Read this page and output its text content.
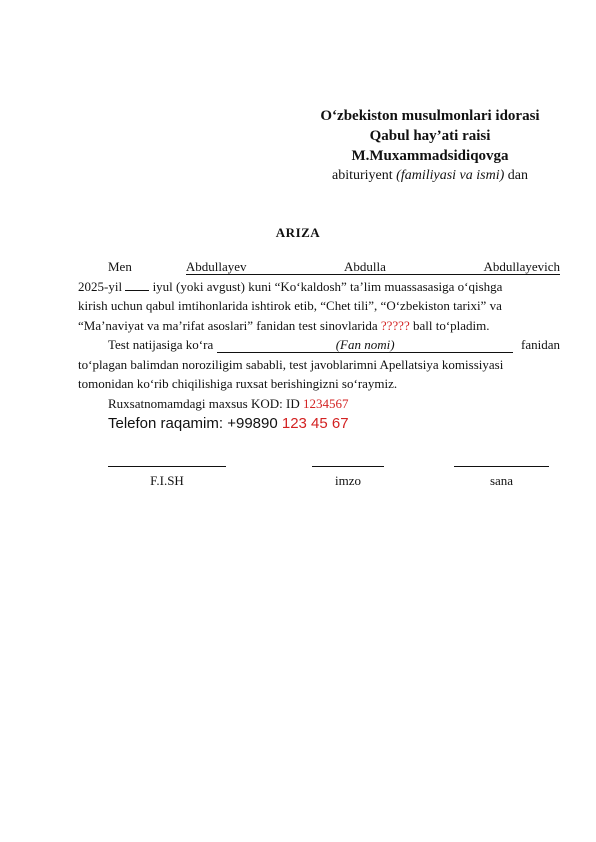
O‘zbekiston musulmonlari idorasi
Qabul hay’ati raisi
M.Muxammadsidiqovga
abituriyent (familiyasi va ismi) dan
ARIZA
Men	Abdullayev	Abdulla	Abdullayevich
2025-yil iyul (yoki avgust) kuni “Ko‘kaldosh” ta’lim muassasasiga o‘qishga
kirish uchun qabul imtihonlarida ishtirok etib, “Chet tili”, “O‘zbekiston tarixi” va
“Ma’naviyat va ma’rifat asoslari” fanidan test sinovlarida ????? ball to‘pladim.
Test natijasiga ko‘ra	(Fan nomi)	fanidan
to‘plagan balimdan noroziligim sababli, test javoblarimni Apellatsiya komissiyasi
tomonidan ko‘rib chiqilishiga ruxsat berishingizni so‘raymiz.
Ruxsatnomamdagi maxsus KOD: ID 1234567
Telefon raqamim: +99890 123 45 67
F.I.SH	imzo	sana
